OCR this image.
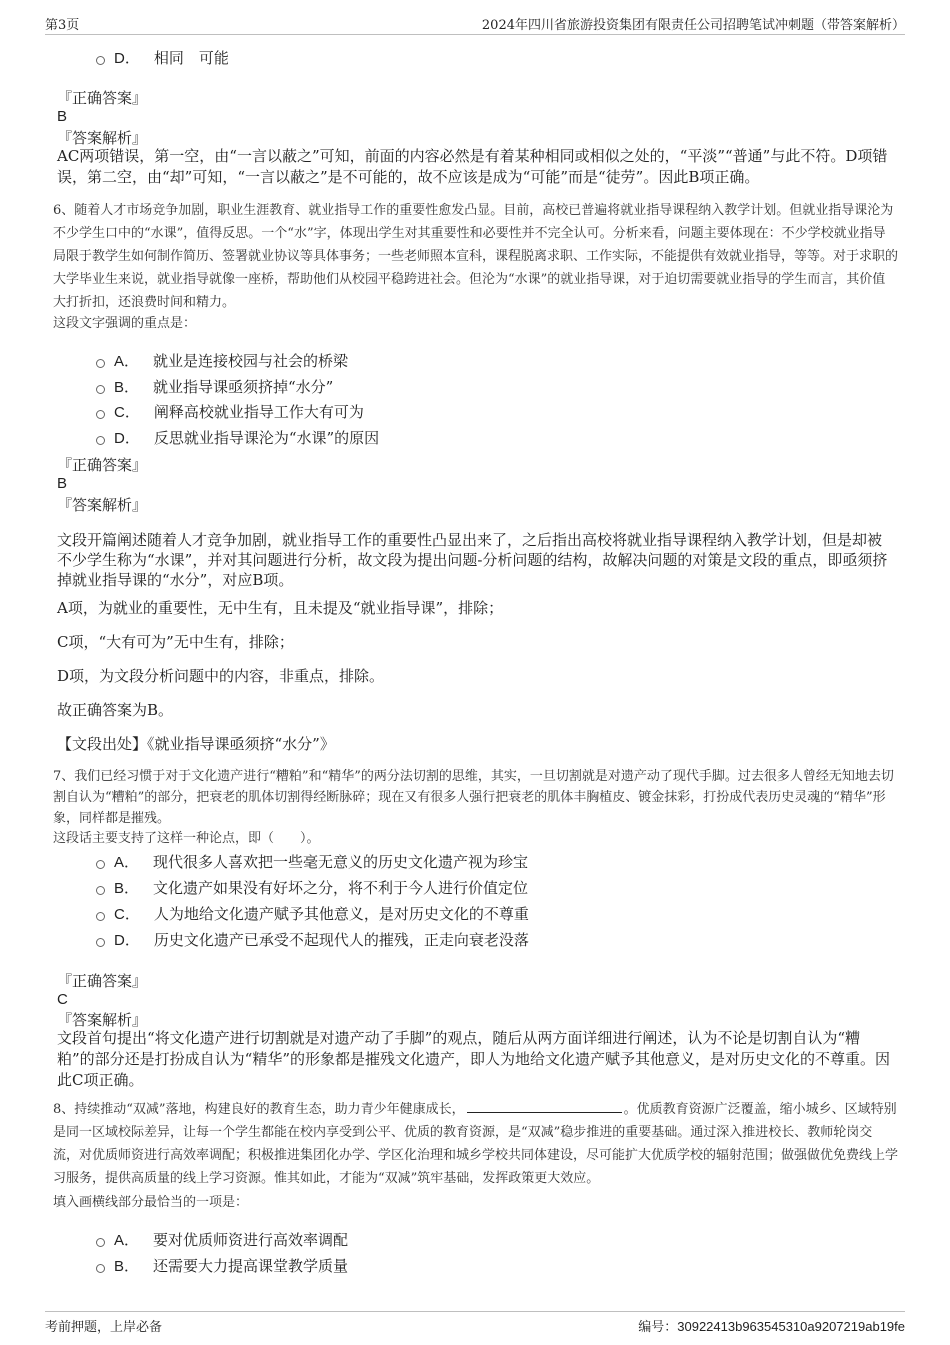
第3页	2024年四川省旅游投资集团有限责任公司招聘笔试冲刺题（带答案解析）
D． 相同　可能
『正确答案』
B
『答案解析』
AC两项错误，第一空，由“一言以蔽之”可知，前面的内容必然是有着某种相同或相似之处的，“平淡”“普通”与此不符。D项错误，第二空，由“却”可知，“一言以蔽之”是不可能的，故不应该是成为“可能”而是“徒劳”。因此B项正确。
6、随着人才市场竞争加剧，职业生涯教育、就业指导工作的重要性愈发凸显。目前，高校已普遍将就业指导课程纳入教学计划。但就业指导课沦为不少学生口中的“水课”，值得反思。一个“水”字，体现出学生对其重要性和必要性并不完全认可。分析来看，问题主要体现在：不少学校就业指导局限于教学生如何制作简历、签署就业协议等具体事务；一些老师照本宣科，课程脱离求职、工作实际，不能提供有效就业指导，等等。对于求职的大学毕业生来说，就业指导就像一座桥，帮助他们从校园平稳跨进社会。但沦为“水课”的就业指导课，对于迫切需要就业指导的学生而言，其价值大打折扣，还浪费时间和精力。
这段文字强调的重点是：
A． 就业是连接校园与社会的桥梁
B． 就业指导课亟须挤掉“水分”
C． 阐释高校就业指导工作大有可为
D． 反思就业指导课沦为“水课”的原因
『正确答案』
B
『答案解析』
文段开篇阐述随着人才竞争加剧，就业指导工作的重要性凸显出来了，之后指出高校将就业指导课程纳入教学计划，但是却被不少学生称为“水课”，并对其问题进行分析，故文段为提出问题-分析问题的结构，故解决问题的对策是文段的重点，即亟须挤掉就业指导课的“水分”，对应B项。
A项，为就业的重要性，无中生有，且未提及“就业指导课”，排除；
C项，“大有可为”无中生有，排除；
D项，为文段分析问题中的内容，非重点，排除。
故正确答案为B。
【文段出处】《就业指导课亟须挤“水分”》
7、我们已经习惯于对于文化遗产进行“糟粕”和“精华”的两分法切割的思维，其实，一旦切割就是对遗产动了现代手脚。过去很多人曾经无知地去切割自认为“糟粕”的部分，把衰老的肌体切割得经断脉碎；现在又有很多人强行把衰老的肌体丰胸植皮、镀金抹彩，打扮成代表历史灵魂的“精华”形象，同样都是摧残。
这段话主要支持了这样一种论点，即（　　）。
A． 现代很多人喜欢把一些毫无意义的历史文化遗产视为珍宝
B． 文化遗产如果没有好坏之分，将不利于今人进行价值定位
C． 人为地给文化遗产赋予其他意义，是对历史文化的不尊重
D． 历史文化遗产已承受不起现代人的摧残，正走向衰老没落
『正确答案』
C
『答案解析』
文段首句提出“将文化遗产进行切割就是对遗产动了手脚”的观点，随后从两方面详细进行阐述，认为不论是切割自认为“糟粕”的部分还是打扮成自认为“精华”的形象都是摧残文化遗产，即人为地给文化遗产赋予其他意义，是对历史文化的不尊重。因此C项正确。
8、持续推动“双减”落地，构建良好的教育生态，助力青少年健康成长，	。优质教育资源广泛覆盖，缩小城乡、区域特别是同一区域校际差异，让每一个学生都能在校内享受到公平、优质的教育资源，是“双减”稳步推进的重要基础。通过深入推进校长、教师轮岗交流，对优质师资进行高效率调配；积极推进集团化办学、学区化治理和城乡学校共同体建设，尽可能扩大优质学校的辐射范围；做强做优免费线上学习服务，提供高质量的线上学习资源。惟其如此，才能为“双减”筑牢基础，发挥政策更大效应。
填入画横线部分最恰当的一项是：
A． 要对优质师资进行高效率调配
B． 还需要大力提高课堂教学质量
考前押题，上岸必备	编号：30922413b963545310a9207219ab19fe
